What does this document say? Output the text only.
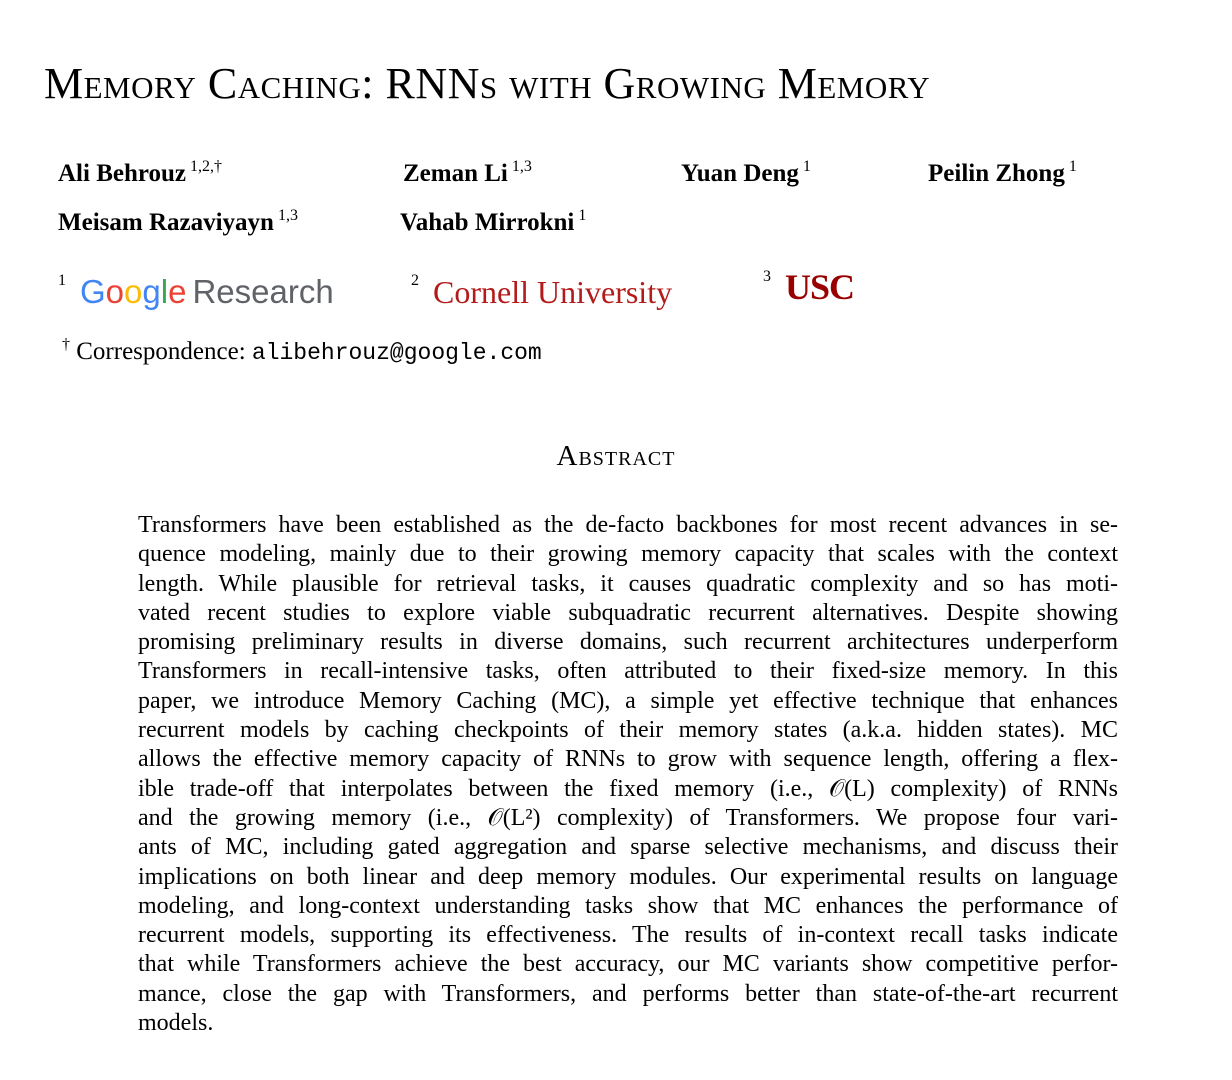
Memory Caching: RNNs with Growing Memory
Ali Behrouz $^{1,2,\dagger}$	Zeman Li $^{1,3}$	Yuan Deng $^1$	Peilin Zhong $^1$
Meisam Razaviyayn $^{1,3}$	Vahab Mirrokni $^1$
1 Google Research	2 Cornell University	3 USC
† Correspondence: alibehrouz@google.com
Abstract
Transformers have been established as the de-facto backbones for most recent advances in se-
quence modeling, mainly due to their growing memory capacity that scales with the context
length. While plausible for retrieval tasks, it causes quadratic complexity and so has moti-
vated recent studies to explore viable subquadratic recurrent alternatives. Despite showing
promising preliminary results in diverse domains, such recurrent architectures underperform
Transformers in recall-intensive tasks, often attributed to their fixed-size memory. In this
paper, we introduce Memory Caching (MC), a simple yet effective technique that enhances
recurrent models by caching checkpoints of their memory states (a.k.a. hidden states). MC
allows the effective memory capacity of RNNs to grow with sequence length, offering a flex-
ible trade-off that interpolates between the fixed memory (i.e., 𝒪(L) complexity) of RNNs
and the growing memory (i.e., 𝒪(L²) complexity) of Transformers. We propose four vari-
ants of MC, including gated aggregation and sparse selective mechanisms, and discuss their
implications on both linear and deep memory modules. Our experimental results on language
modeling, and long-context understanding tasks show that MC enhances the performance of
recurrent models, supporting its effectiveness. The results of in-context recall tasks indicate
that while Transformers achieve the best accuracy, our MC variants show competitive perfor-
mance, close the gap with Transformers, and performs better than state-of-the-art recurrent
models.
